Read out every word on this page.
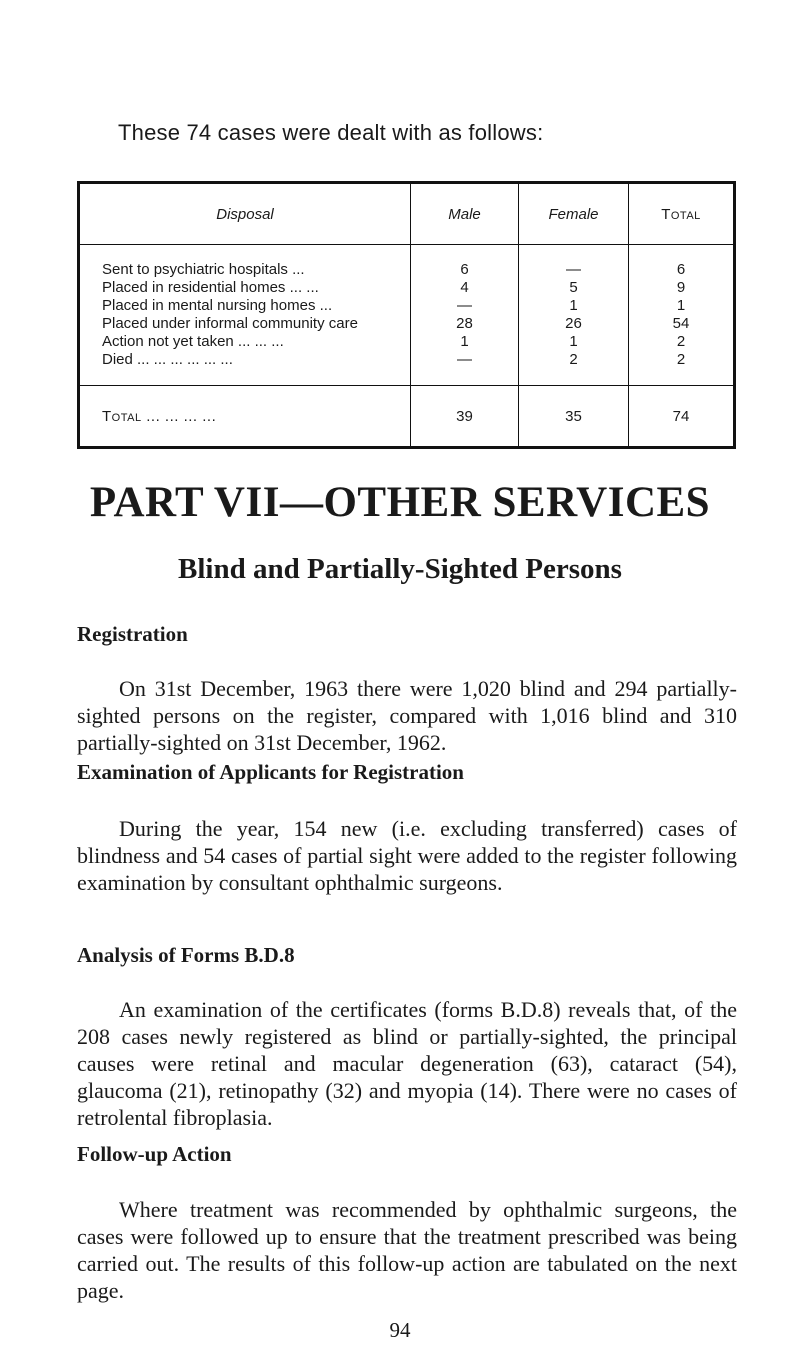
These 74 cases were dealt with as follows:
Disposal	Male	Female	Total
Sent to psychiatric hospitals ...	6	—	6
Placed in residential homes ... ...	4	5	9
Placed in mental nursing homes ...	—	1	1
Placed under informal community care	28	26	54
Action not yet taken ... ... ...	1	1	2
Died ... ... ... ... ... ...	—	2	2
Total ... ... ... ...	39	35	74
PART VII—OTHER SERVICES
Blind and Partially-Sighted Persons
Registration

On 31st December, 1963 there were 1,020 blind and 294 partially-sighted persons on the register, compared with 1,016 blind and 310 partially-sighted on 31st December, 1962.

Examination of Applicants for Registration

During the year, 154 new (i.e. excluding transferred) cases of blindness and 54 cases of partial sight were added to the register following examination by consultant ophthalmic surgeons.

Analysis of Forms B.D.8

An examination of the certificates (forms B.D.8) reveals that, of the 208 cases newly registered as blind or partially-sighted, the principal causes were retinal and macular degeneration (63), cataract (54), glaucoma (21), retinopathy (32) and myopia (14). There were no cases of retrolental fibroplasia.

Follow-up Action

Where treatment was recommended by ophthalmic surgeons, the cases were followed up to ensure that the treatment prescribed was being carried out. The results of this follow-up action are tabulated on the next page.

94
